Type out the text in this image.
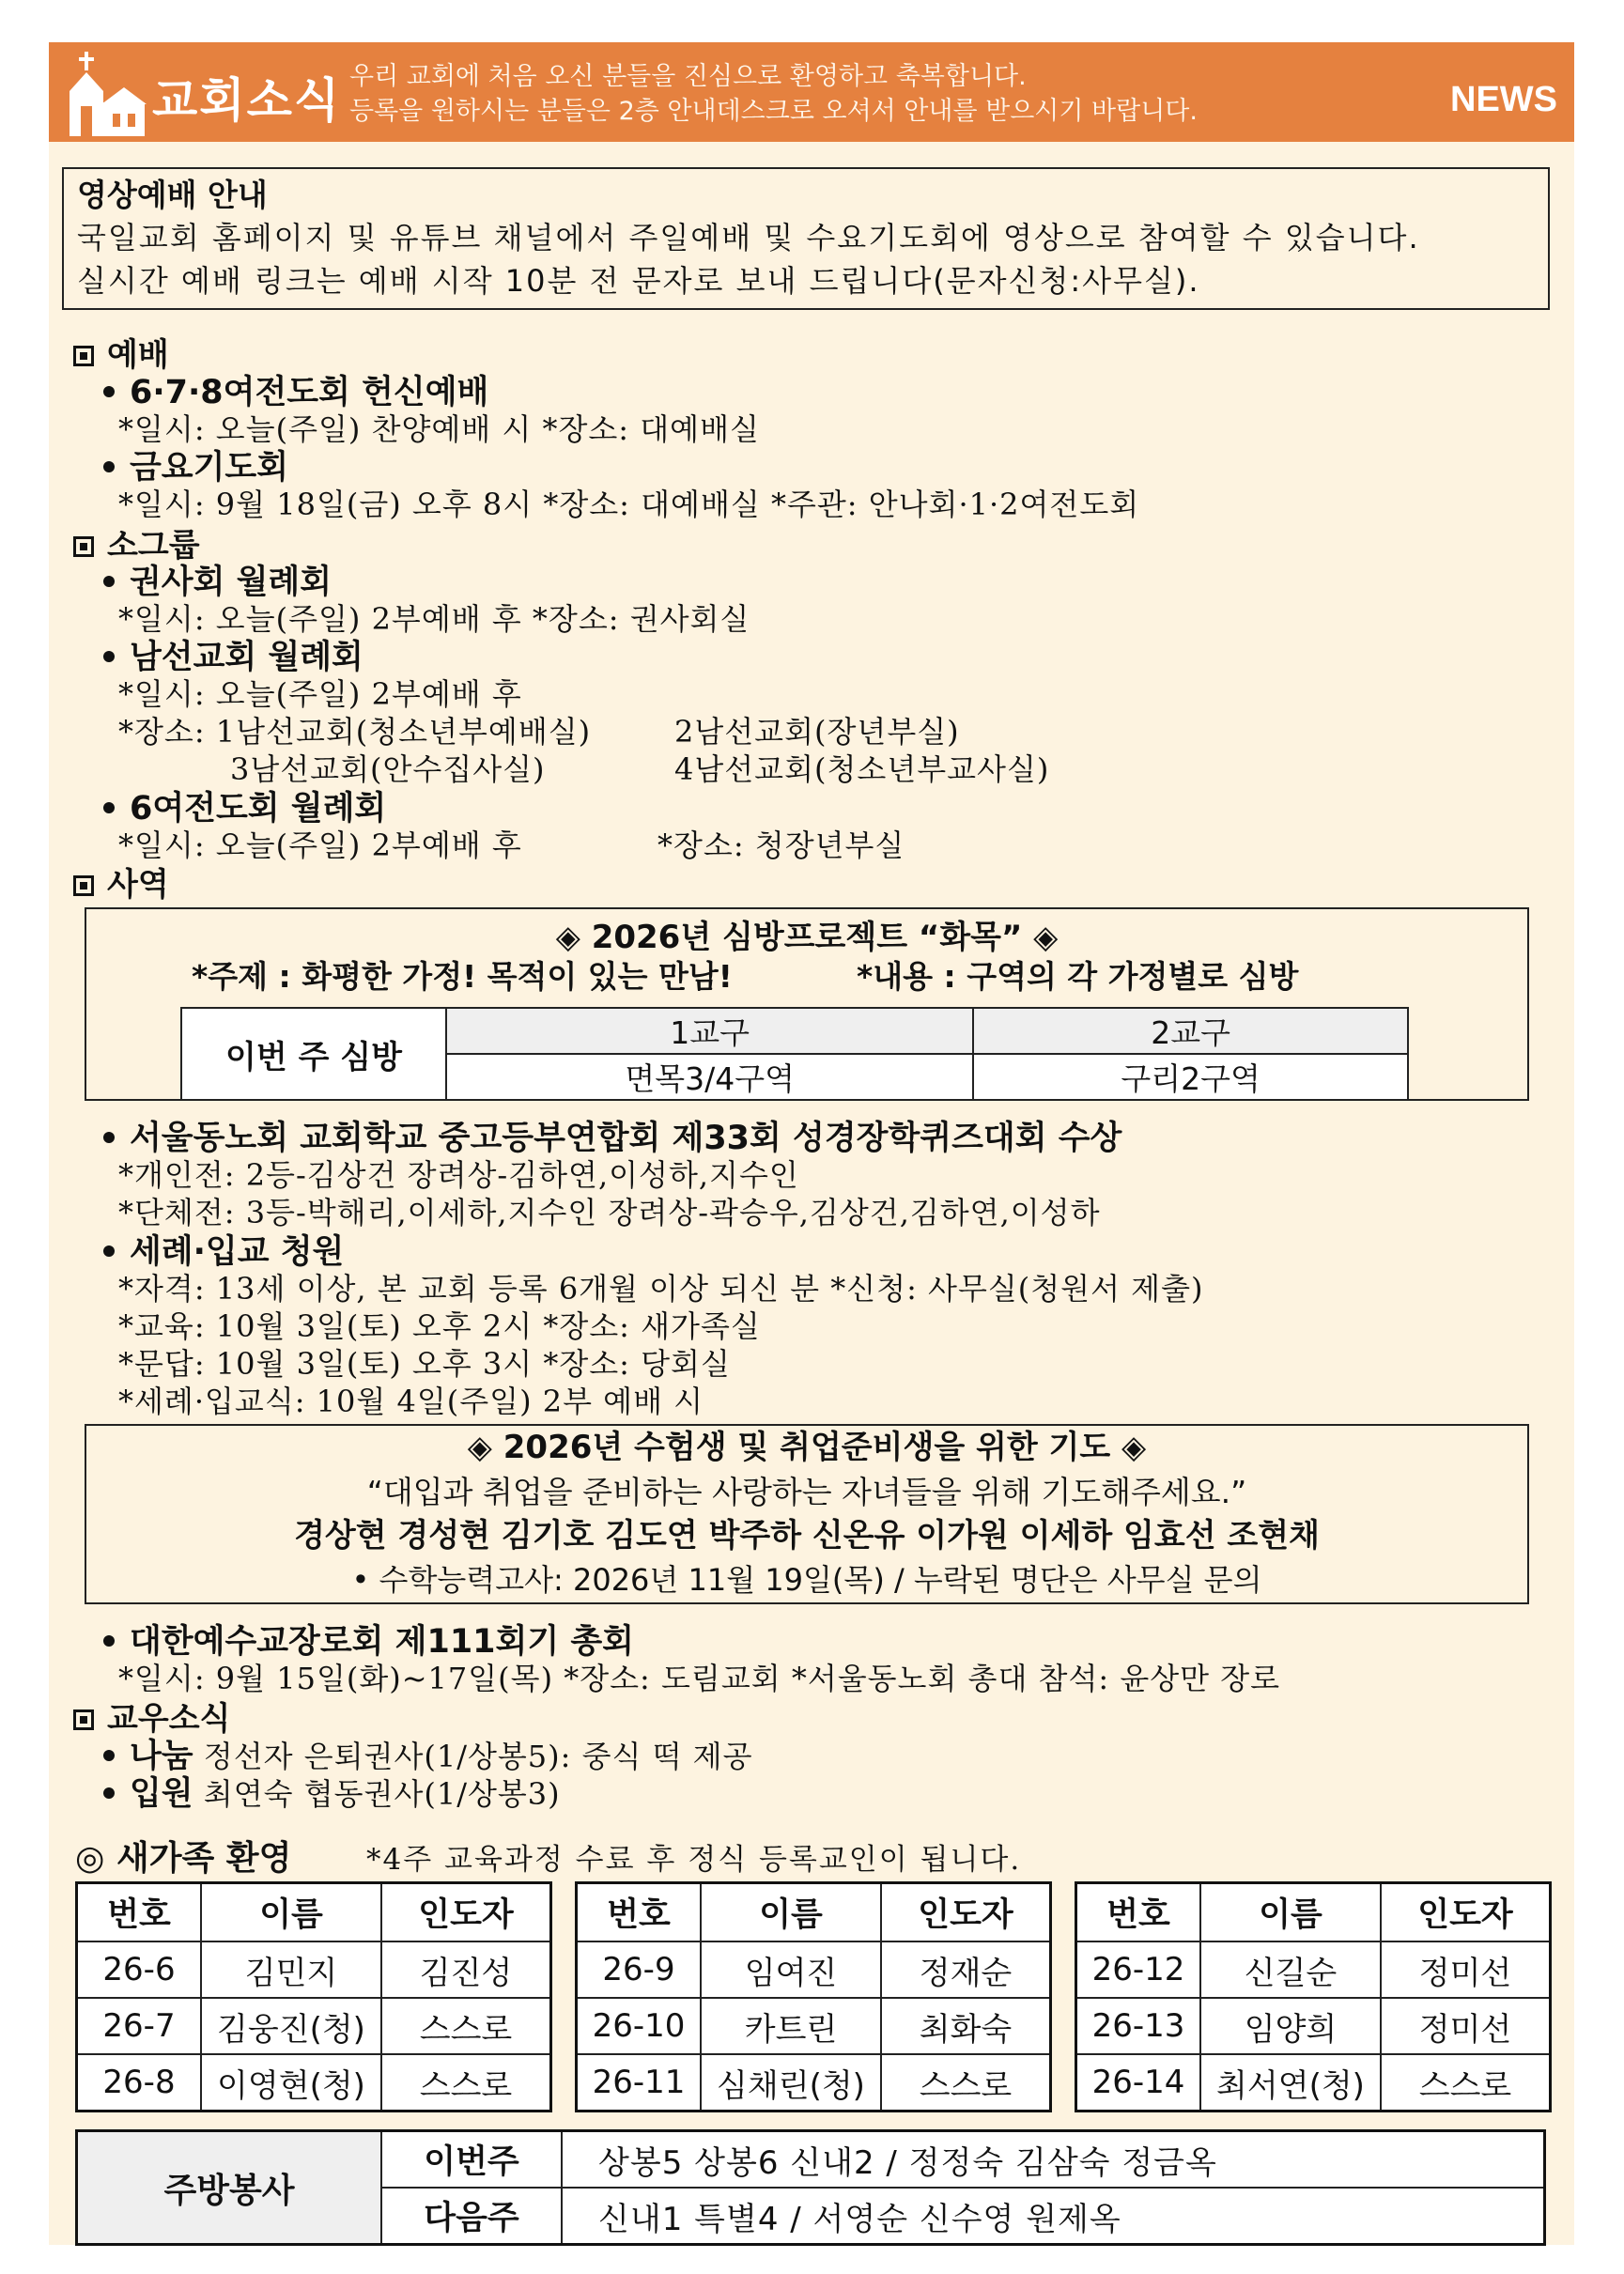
교회소식 우리 교회에 처음 오신 분들을 진심으로 환영하고 축복합니다.
등록을 원하시는 분들은 2층 안내데스크로 오셔서 안내를 받으시기 바랍니다.	NEWS
영상예배 안내
국일교회 홈페이지 및 유튜브 채널에서 주일예배 및 수요기도회에 영상으로 참여할 수 있습니다.
실시간 예배 링크는 예배 시작 10분 전 문자로 보내 드립니다(문자신청:사무실).
예배
6·7·8여전도회 헌신예배
*일시: 오늘(주일) 찬양예배 시 *장소: 대예배실
금요기도회
*일시: 9월 18일(금) 오후 8시 *장소: 대예배실 *주관: 안나회·1·2여전도회
소그룹
권사회 월례회
*일시: 오늘(주일) 2부예배 후 *장소: 권사회실
남선교회 월례회
*일시: 오늘(주일) 2부예배 후
*장소: 1남선교회(청소년부예배실)	2남선교회(장년부실)
3남선교회(안수집사실)	4남선교회(청소년부교사실)
6여전도회 월례회
*일시: 오늘(주일) 2부예배 후	*장소: 청장년부실
사역
◈ 2026년 심방프로젝트 “화목” ◈
*주제 : 화평한 가정! 목적이 있는 만남!	*내용 : 구역의 각 가정별로 심방
이번 주 심방	1교구	2교구
	면목3/4구역	구리2구역
서울동노회 교회학교 중고등부연합회 제33회 성경장학퀴즈대회 수상
*개인전: 2등-김상건 장려상-김하연,이성하,지수인
*단체전: 3등-박해리,이세하,지수인 장려상-곽승우,김상건,김하연,이성하
세례·입교 청원
*자격: 13세 이상, 본 교회 등록 6개월 이상 되신 분 *신청: 사무실(청원서 제출)
*교육: 10월 3일(토) 오후 2시 *장소: 새가족실
*문답: 10월 3일(토) 오후 3시 *장소: 당회실
*세례·입교식: 10월 4일(주일) 2부 예배 시
◈ 2026년 수험생 및 취업준비생을 위한 기도 ◈
“대입과 취업을 준비하는 사랑하는 자녀들을 위해 기도해주세요.”
경상현 경성현 김기호 김도연 박주하 신온유 이가원 이세하 임효선 조현채
• 수학능력고사: 2026년 11월 19일(목) / 누락된 명단은 사무실 문의
대한예수교장로회 제111회기 총회
*일시: 9월 15일(화)~17일(목) *장소: 도림교회 *서울동노회 총대 참석: 윤상만 장로
교우소식
나눔 정선자 은퇴권사(1/상봉5): 중식 떡 제공
입원 최연숙 협동권사(1/상봉3)
◎ 새가족 환영	*4주 교육과정 수료 후 정식 등록교인이 됩니다.
번호	이름	인도자
26-6	김민지	김진성
26-7	김웅진(청)	스스로
26-8	이영현(청)	스스로
번호	이름	인도자
26-9	임여진	정재순
26-10	카트린	최화숙
26-11	심채린(청)	스스로
번호	이름	인도자
26-12	신길순	정미선
26-13	임양희	정미선
26-14	최서연(청)	스스로
주방봉사	이번주	상봉5 상봉6 신내2 / 정정숙 김삼숙 정금옥
	다음주	신내1 특별4 / 서영순 신수영 원제옥
